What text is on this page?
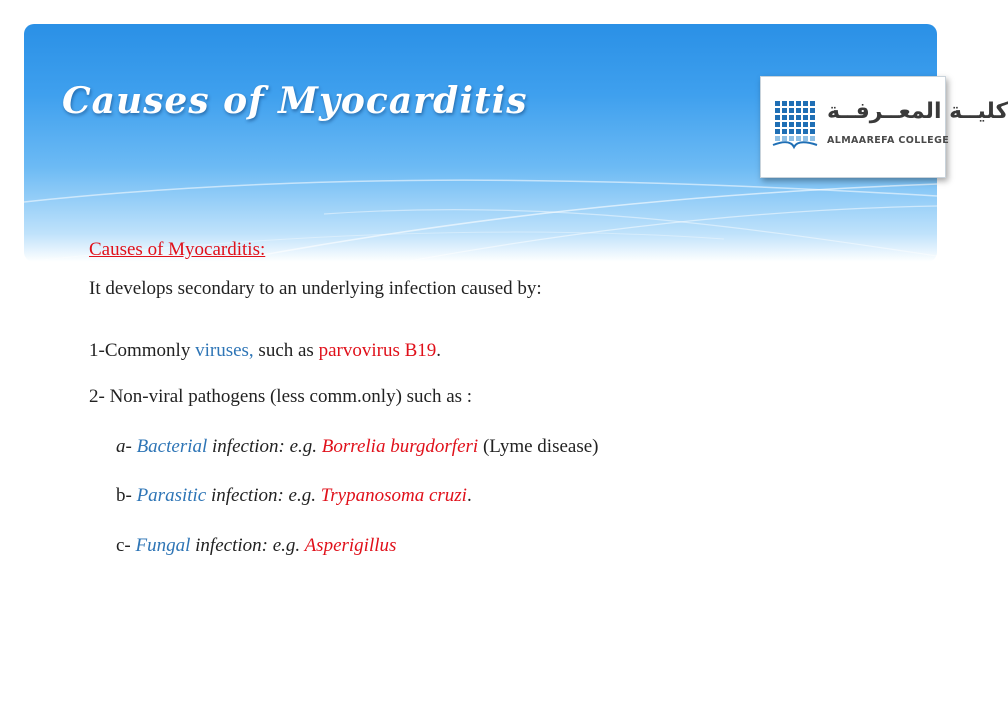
Causes of Myocarditis	كليــة المعــرفــة

ALMAAREFA COLLEGE

Causes of Myocarditis:

It develops secondary to an underlying infection caused by:

1-Commonly viruses, such as parvovirus B19.

2- Non-viral pathogens (less comm.only) such as :

a- Bacterial infection: e.g. Borrelia burgdorferi (Lyme disease)

b- Parasitic infection: e.g. Trypanosoma cruzi.

c- Fungal infection: e.g. Asperigillus
